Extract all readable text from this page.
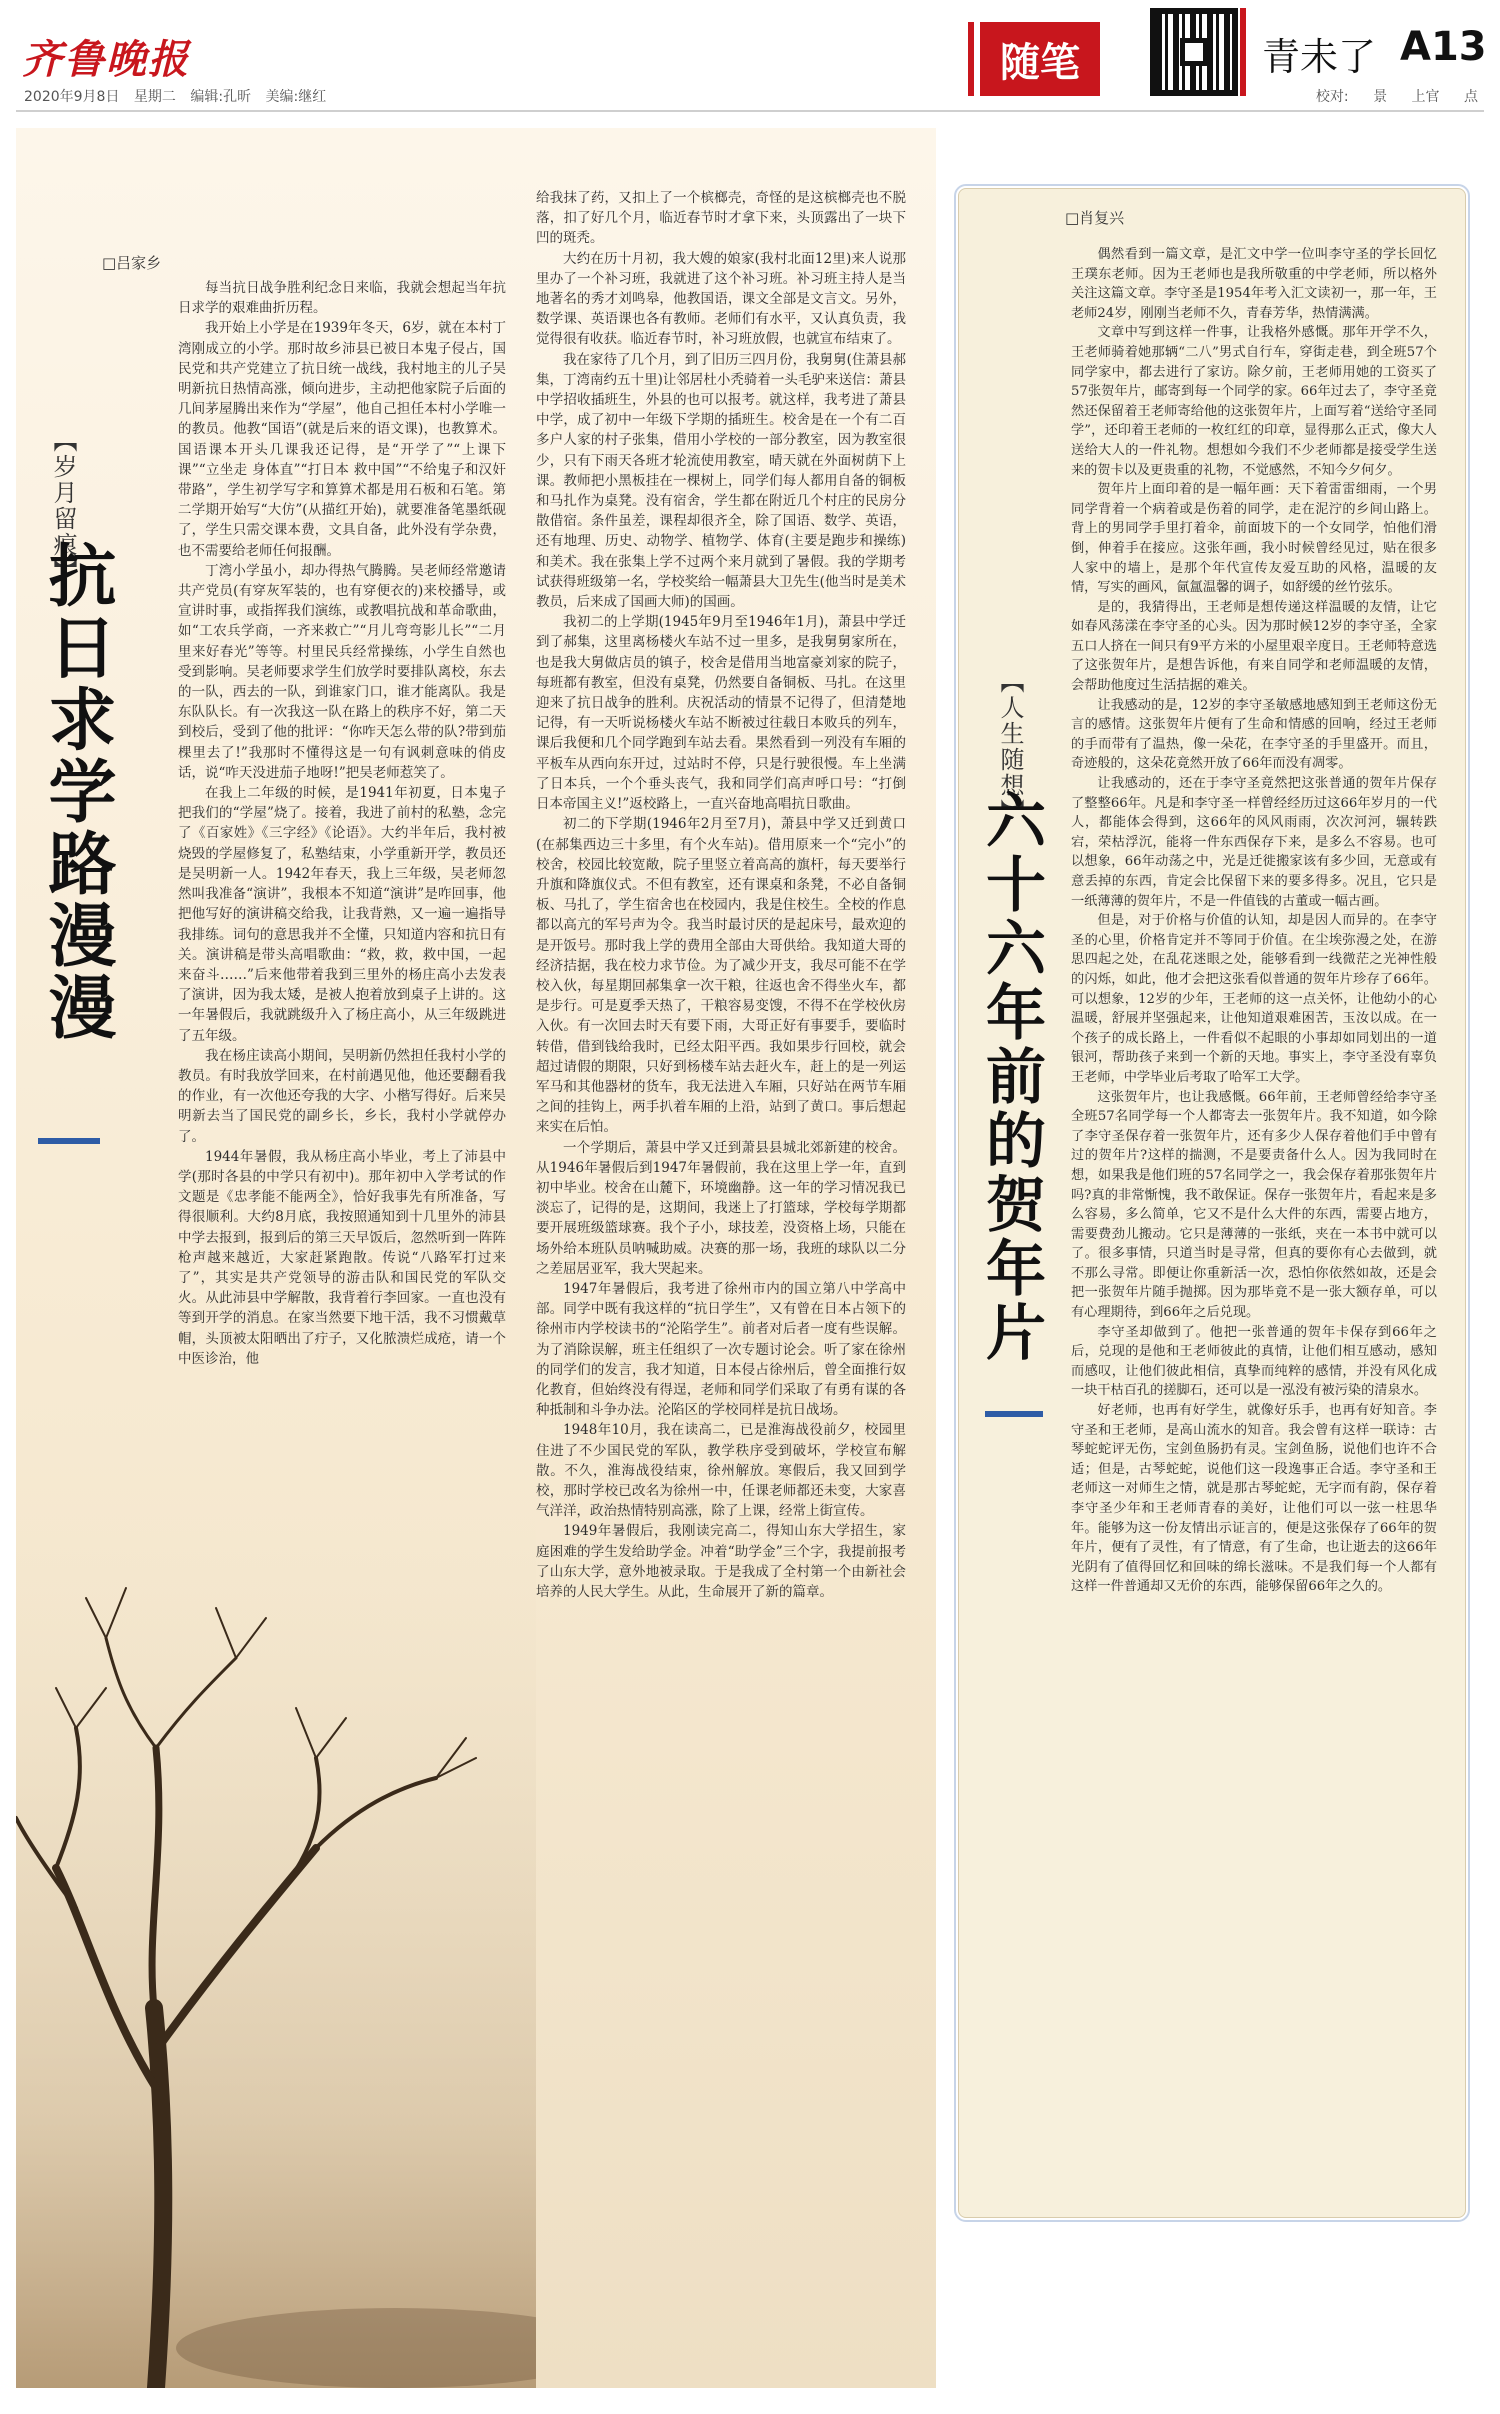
齐鲁晚报
2020年9月8日 星期二 编辑:孔昕 美编:继红
随笔	青未了 A13
校对: 景 上官 点
□吕家乡
【岁月留痕】
抗日求学路漫漫

每当抗日战争胜利纪念日来临，我就会想起当年抗日求学的艰难曲折历程。

我开始上小学是在1939年冬天，6岁，就在本村丁湾刚成立的小学。那时故乡沛县已被日本鬼子侵占，国民党和共产党建立了抗日统一战线，我村地主的儿子吴明新抗日热情高涨，倾向进步，主动把他家院子后面的几间茅屋腾出来作为“学屋”，他自己担任本村小学唯一的教员。他教“国语”(就是后来的语文课)，也教算术。国语课本开头几课我还记得，是“开学了”“上课下课”“立坐走 身体直”“打日本 救中国”“不给鬼子和汉奸带路”，学生初学写字和算算术都是用石板和石笔。第二学期开始写“大仿”(从描红开始)，就要准备笔墨纸砚了，学生只需交课本费，文具自备，此外没有学杂费，也不需要给老师任何报酬。

丁湾小学虽小，却办得热气腾腾。吴老师经常邀请共产党员(有穿灰军装的，也有穿便衣的)来校播导，或宣讲时事，或指挥我们演练，或教唱抗战和革命歌曲，如“工农兵学商，一齐来救亡”“月儿弯弯影儿长”“二月里来好春光”等等。村里民兵经常操练，小学生自然也受到影响。吴老师要求学生们放学时要排队离校，东去的一队，西去的一队，到谁家门口，谁才能离队。我是东队队长。有一次我这一队在路上的秩序不好，第二天到校后，受到了他的批评：“你咋天怎么带的队?带到茄棵里去了!”我那时不懂得这是一句有讽刺意味的俏皮话，说“咋天没进茄子地呀!”把吴老师惹笑了。

在我上二年级的时候，是1941年初夏，日本鬼子把我们的“学屋”烧了。接着，我进了前村的私塾，念完了《百家姓》《三字经》《论语》。大约半年后，我村被烧毁的学屋修复了，私塾结束，小学重新开学，教员还是吴明新一人。1942年春天，我上三年级，吴老师忽然叫我准备“演讲”，我根本不知道“演讲”是咋回事，他把他写好的演讲稿交给我，让我背熟，又一遍一遍指导我排练。词句的意思我并不全懂，只知道内容和抗日有关。演讲稿是带头高唱歌曲：“救，救，救中国，一起来奋斗……”后来他带着我到三里外的杨庄高小去发表了演讲，因为我太矮，是被人抱着放到桌子上讲的。这一年暑假后，我就跳级升入了杨庄高小，从三年级跳进了五年级。

我在杨庄读高小期间，吴明新仍然担任我村小学的教员。有时我放学回来，在村前遇见他，他还要翻看我的作业，有一次他还夸我的大字、小楷写得好。后来吴明新去当了国民党的副乡长，乡长，我村小学就停办了。

1944年暑假，我从杨庄高小毕业，考上了沛县中学(那时各县的中学只有初中)。那年初中入学考试的作文题是《忠孝能不能两全》，恰好我事先有所准备，写得很顺利。大约8月底，我按照通知到十几里外的沛县中学去报到，报到后的第三天早饭后，忽然听到一阵阵枪声越来越近，大家赶紧跑散。传说“八路军打过来了”，其实是共产党领导的游击队和国民党的军队交火。从此沛县中学解散，我背着行李回家。一直也没有等到开学的消息。在家当然要下地干活，我不习惯戴草帽，头顶被太阳晒出了疔子，又化脓溃烂成疮，请一个中医诊治，他

给我抹了药，又扣上了一个槟榔壳，奇怪的是这槟榔壳也不脱落，扣了好几个月，临近春节时才拿下来，头顶露出了一块下凹的斑秃。

大约在历十月初，我大嫂的娘家(我村北面12里)来人说那里办了一个补习班，我就进了这个补习班。补习班主持人是当地著名的秀才刘鸣皋，他教国语，课文全部是文言文。另外，数学课、英语课也各有教师。老师们有水平，又认真负责，我觉得很有收获。临近春节时，补习班放假，也就宣布结束了。

我在家待了几个月，到了旧历三四月份，我舅舅(住萧县郝集，丁湾南约五十里)让邻居杜小秃骑着一头毛驴来送信：萧县中学招收插班生，外县的也可以报考。就这样，我考进了萧县中学，成了初中一年级下学期的插班生。校舍是在一个有二百多户人家的村子张集，借用小学校的一部分教室，因为教室很少，只有下雨天各班才轮流使用教室，晴天就在外面树荫下上课。教师把小黑板挂在一棵树上，同学们每人都用自备的铜板和马扎作为桌凳。没有宿舍，学生都在附近几个村庄的民房分散借宿。条件虽差，课程却很齐全，除了国语、数学、英语，还有地理、历史、动物学、植物学、体育(主要是跑步和操练)和美术。我在张集上学不过两个来月就到了暑假。我的学期考试获得班级第一名，学校奖给一幅萧县大卫先生(他当时是美术教员，后来成了国画大师)的国画。

我初二的上学期(1945年9月至1946年1月)，萧县中学迁到了郝集，这里离杨楼火车站不过一里多，是我舅舅家所在，也是我大舅做店员的镇子，校舍是借用当地富豪刘家的院子，每班都有教室，但没有桌凳，仍然要自备铜板、马扎。在这里迎来了抗日战争的胜利。庆祝活动的情景不记得了，但清楚地记得，有一天听说杨楼火车站不断被过往载日本败兵的列车，课后我便和几个同学跑到车站去看。果然看到一列没有车厢的平板车从西向东开过，过站时不停，只是行驶很慢。车上坐满了日本兵，一个个垂头丧气，我和同学们高声呼口号：“打倒日本帝国主义!”返校路上，一直兴奋地高唱抗日歌曲。

初二的下学期(1946年2月至7月)，萧县中学又迁到黄口(在郝集西边三十多里，有个火车站)。借用原来一个“完小”的校舍，校园比较宽敞，院子里竖立着高高的旗杆，每天要举行升旗和降旗仪式。不但有教室，还有课桌和条凳，不必自备铜板、马扎了，学生宿舍也在校园内，我是住校生。全校的作息都以高亢的军号声为令。我当时最讨厌的是起床号，最欢迎的是开饭号。那时我上学的费用全部由大哥供给。我知道大哥的经济拮据，我在校力求节俭。为了减少开支，我尽可能不在学校入伙，每星期回郝集拿一次干粮，往返也舍不得坐火车，都是步行。可是夏季天热了，干粮容易变馊，不得不在学校伙房入伙。有一次回去时天有要下雨，大哥正好有事要手，要临时转借，借到钱给我时，已经太阳平西。我如果步行回校，就会超过请假的期限，只好到杨楼车站去赶火车，赶上的是一列运军马和其他器材的货车，我无法进入车厢，只好站在两节车厢之间的挂钩上，两手扒着车厢的上沿，站到了黄口。事后想起来实在后怕。

一个学期后，萧县中学又迁到萧县县城北郊新建的校舍。从1946年暑假后到1947年暑假前，我在这里上学一年，直到初中毕业。校舍在山麓下，环境幽静。这一年的学习情况我已淡忘了，记得的是，这期间，我迷上了打篮球，学校每学期都要开展班级篮球赛。我个子小，球技差，没资格上场，只能在场外给本班队员呐喊助威。决赛的那一场，我班的球队以二分之差屈居亚军，我大哭起来。

1947年暑假后，我考进了徐州市内的国立第八中学高中部。同学中既有我这样的“抗日学生”，又有曾在日本占领下的徐州市内学校读书的“沦陷学生”。前者对后者一度有些误解。为了消除误解，班主任组织了一次专题讨论会。听了家在徐州的同学们的发言，我才知道，日本侵占徐州后，曾全面推行奴化教育，但始终没有得逞，老师和同学们采取了有勇有谋的各种抵制和斗争办法。沦陷区的学校同样是抗日战场。

1948年10月，我在读高二，已是淮海战役前夕，校园里住进了不少国民党的军队，教学秩序受到破坏，学校宣布解散。不久，淮海战役结束，徐州解放。寒假后，我又回到学校，那时学校已改名为徐州一中，任课老师都还未变，大家喜气洋洋，政治热情特别高涨，除了上课，经常上街宣传。

1949年暑假后，我刚读完高二，得知山东大学招生，家庭困难的学生发给助学金。冲着“助学金”三个字，我提前报考了山东大学，意外地被录取。于是我成了全村第一个由新社会培养的人民大学生。从此，生命展开了新的篇章。

□肖复兴
【人生随想】
六十六年前的贺年片

偶然看到一篇文章，是汇文中学一位叫李守圣的学长回忆王璞东老师。因为王老师也是我所敬重的中学老师，所以格外关注这篇文章。李守圣是1954年考入汇文读初一，那一年，王老师24岁，刚刚当老师不久，青春芳华，热情满满。

文章中写到这样一件事，让我格外感慨。那年开学不久，王老师骑着她那辆“二八”男式自行车，穿街走巷，到全班57个同学家中，都去进行了家访。除夕前，王老师用她的工资买了57张贺年片，邮寄到每一个同学的家。66年过去了，李守圣竟然还保留着王老师寄给他的这张贺年片，上面写着“送给守圣同学”，还印着王老师的一枚红红的印章，显得那么正式，像大人送给大人的一件礼物。想想如今我们不少老师都是接受学生送来的贺卡以及更贵重的礼物，不觉感然，不知今夕何夕。

贺年片上面印着的是一幅年画：天下着雷雷细雨，一个男同学背着一个病着或是伤着的同学，走在泥泞的乡间山路上。背上的男同学手里打着伞，前面坡下的一个女同学，怕他们滑倒，伸着手在接应。这张年画，我小时候曾经见过，贴在很多人家中的墙上，是那个年代宣传友爱互助的风格，温暖的友情，写实的画风，氤氲温馨的调子，如舒缓的丝竹弦乐。

是的，我猜得出，王老师是想传递这样温暖的友情，让它如春风荡漾在李守圣的心头。因为那时候12岁的李守圣，全家五口人挤在一间只有9平方米的小屋里艰辛度日。王老师特意选了这张贺年片，是想告诉他，有来自同学和老师温暖的友情，会帮助他度过生活拮据的难关。

让我感动的是，12岁的李守圣敏感地感知到王老师这份无言的感情。这张贺年片便有了生命和情感的回响，经过王老师的手而带有了温热，像一朵花，在李守圣的手里盛开。而且，奇迹般的，这朵花竟然开放了66年而没有凋零。

让我感动的，还在于李守圣竟然把这张普通的贺年片保存了整整66年。凡是和李守圣一样曾经经历过这66年岁月的一代人，都能体会得到，这66年的风风雨雨，次次河河，辗转跌宕，荣枯浮沉，能将一件东西保存下来，是多么不容易。也可以想象，66年动荡之中，光是迁徙搬家该有多少回，无意或有意丢掉的东西，肯定会比保留下来的要多得多。况且，它只是一纸薄薄的贺年片，不是一件值钱的古董或一幅古画。

但是，对于价格与价值的认知，却是因人而异的。在李守圣的心里，价格肯定并不等同于价值。在尘埃弥漫之处，在游思四起之处，在乱花迷眼之处，能够看到一线微茫之光神性般的闪烁，如此，他才会把这张看似普通的贺年片珍存了66年。可以想象，12岁的少年，王老师的这一点关怀，让他幼小的心温暖，舒展并坚强起来，让他知道艰难困苦，玉汝以成。在一个孩子的成长路上，一件看似不起眼的小事却如同划出的一道银河，帮助孩子来到一个新的天地。事实上，李守圣没有辜负王老师，中学毕业后考取了哈军工大学。

这张贺年片，也让我感慨。66年前，王老师曾经给李守圣全班57名同学每一个人都寄去一张贺年片。我不知道，如今除了李守圣保存着一张贺年片，还有多少人保存着他们手中曾有过的贺年片?这样的揣测，不是要责备什么人。因为我同时在想，如果我是他们班的57名同学之一，我会保存着那张贺年片吗?真的非常惭愧，我不敢保证。保存一张贺年片，看起来是多么容易，多么简单，它又不是什么大件的东西，需要占地方，需要费劲儿搬动。它只是薄薄的一张纸，夹在一本书中就可以了。很多事情，只道当时是寻常，但真的要你有心去做到，就不那么寻常。即便让你重新活一次，恐怕你依然如故，还是会把一张贺年片随手抛掷。因为那毕竟不是一张大额存单，可以有心理期待，到66年之后兑现。

李守圣却做到了。他把一张普通的贺年卡保存到66年之后，兑现的是他和王老师彼此的真情，让他们相互感动，感知而感叹，让他们彼此相信，真挚而纯粹的感情，并没有风化成一块干枯百孔的搓脚石，还可以是一泓没有被污染的清泉水。

好老师，也再有好学生，就像好乐手，也再有好知音。李守圣和王老师，是高山流水的知音。我会曾有这样一联诗：古琴蛇蛇评无伤，宝剑鱼肠扔有灵。宝剑鱼肠，说他们也许不合适；但是，古琴蛇蛇，说他们这一段逸事正合适。李守圣和王老师这一对师生之情，就是那古琴蛇蛇，无字而有韵，保存着李守圣少年和王老师青春的美好，让他们可以一弦一柱思华年。能够为这一份友情出示证言的，便是这张保存了66年的贺年片，便有了灵性，有了情意，有了生命，也让逝去的这66年光阴有了值得回忆和回味的绵长滋味。不是我们每一个人都有这样一件普通却又无价的东西，能够保留66年之久的。
